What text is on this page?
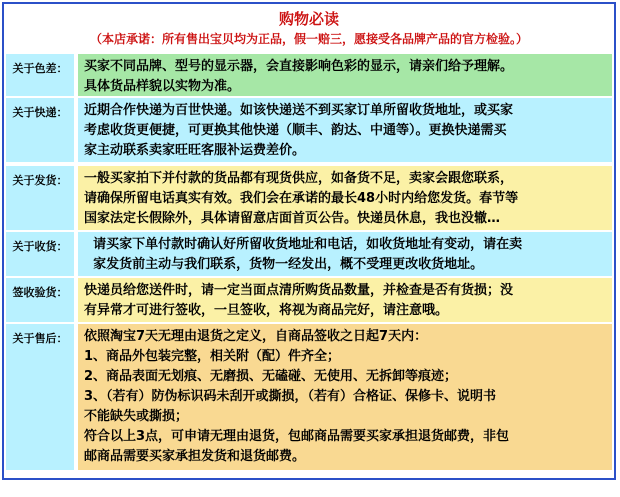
购物必读
（本店承诺：所有售出宝贝均为正品，假一赔三，愿接受各品牌产品的官方检验。）
关于色差：	买家不同品牌、型号的显示器，会直接影响色彩的显示，请亲们给予理解。
具体货品样貌以实物为准。
关于快递：	近期合作快递为百世快递。如该快递送不到买家订单所留收货地址，或买家
考虑收货更便捷，可更换其他快递（顺丰、韵达、中通等）。更换快递需买
家主动联系卖家旺旺客服补运费差价。
关于发货：	一般买家拍下并付款的货品都有现货供应，如备货不足，卖家会跟您联系，
请确保所留电话真实有效。我们会在承诺的最长48小时内给您发货。春节等
国家法定长假除外，具体请留意店面首页公告。快递员休息，我也没辙…
关于收货：	请买家下单付款时确认好所留收货地址和电话，如收货地址有变动，请在卖
家发货前主动与我们联系，货物一经发出，概不受理更改收货地址。
签收验货：	快递员给您送件时，请一定当面点清所购货品数量，并检查是否有货损；没
有异常才可进行签收，一旦签收，将视为商品完好，请注意哦。
关于售后：	依照淘宝7天无理由退货之定义，自商品签收之日起7天内：
1、商品外包装完整，相关附（配）件齐全；
2、商品表面无划痕、无磨损、无磕碰、无使用、无拆卸等痕迹；
3、（若有）防伪标识码未刮开或撕损，（若有）合格证、保修卡、说明书
不能缺失或撕损；
符合以上3点，可申请无理由退货，包邮商品需要买家承担退货邮费，非包
邮商品需要买家承担发货和退货邮费。
